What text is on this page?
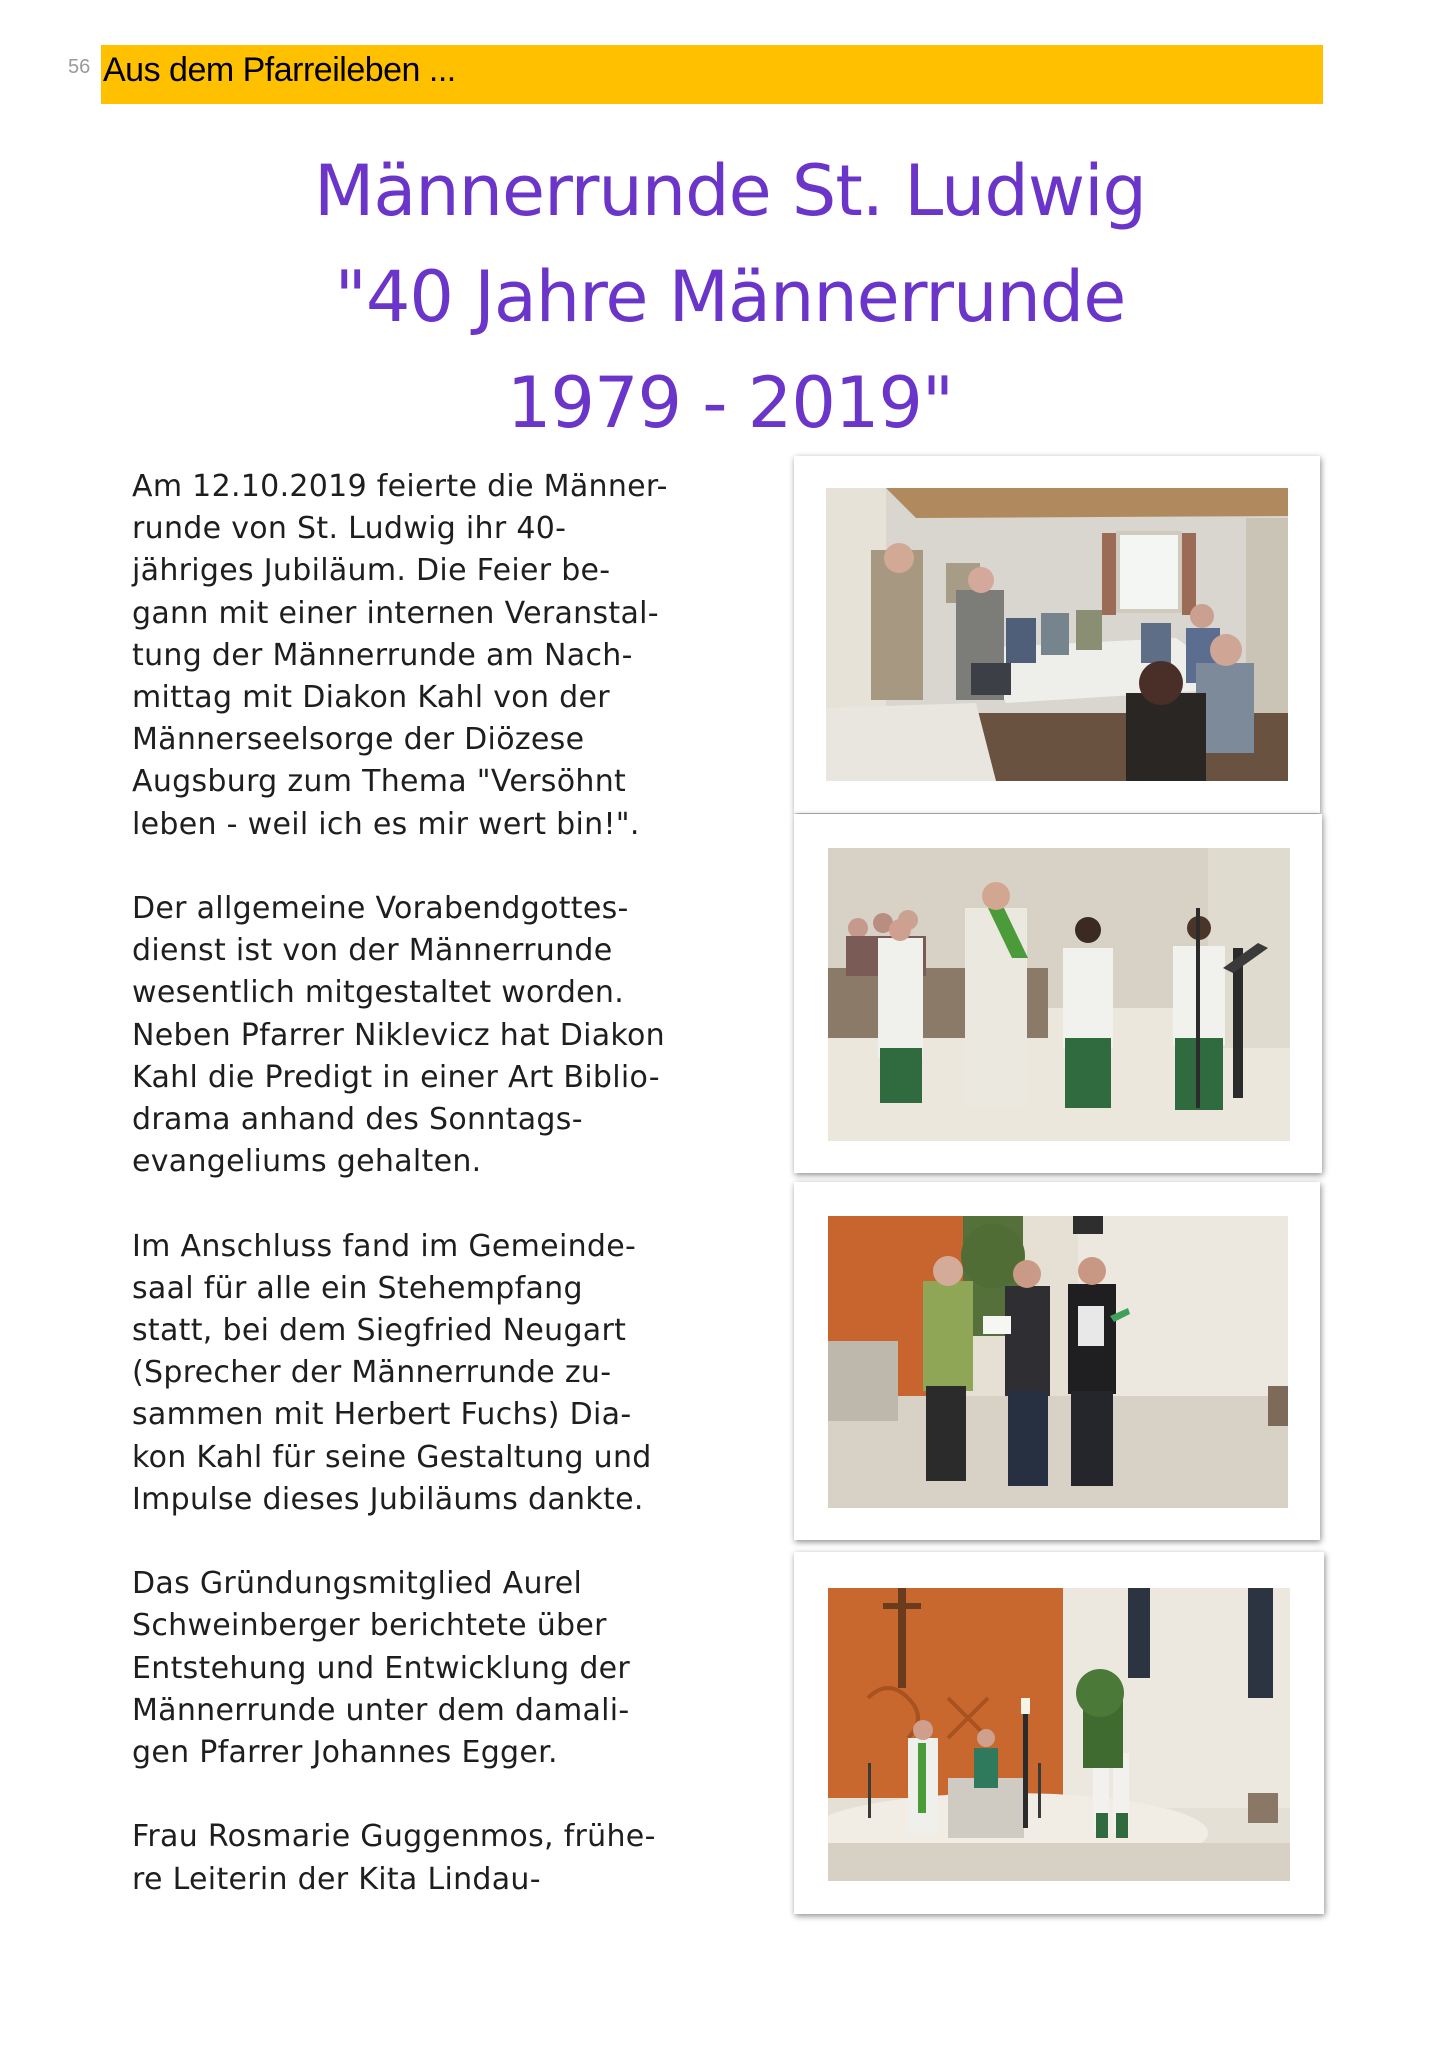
56 Aus dem Pfarreileben ...
Männerrunde St. Ludwig
"40 Jahre Männerrunde
1979 - 2019"
Am 12.10.2019 feierte die Männer-
runde von St. Ludwig ihr 40-
jähriges Jubiläum. Die Feier be-
gann mit einer internen Veranstal-
tung der Männerrunde am Nach-
mittag mit Diakon Kahl von der
Männerseelsorge der Diözese
Augsburg zum Thema "Versöhnt
leben - weil ich es mir wert bin!".
Der allgemeine Vorabendgottes-
dienst ist von der Männerrunde
wesentlich mitgestaltet worden.
Neben Pfarrer Niklevicz hat Diakon
Kahl die Predigt in einer Art Biblio-
drama anhand des Sonntags-
evangeliums gehalten.
Im Anschluss fand im Gemeinde-
saal für alle ein Stehempfang
statt, bei dem Siegfried Neugart
(Sprecher der Männerrunde zu-
sammen mit Herbert Fuchs) Dia-
kon Kahl für seine Gestaltung und
Impulse dieses Jubiläums dankte.
Das Gründungsmitglied Aurel
Schweinberger berichtete über
Entstehung und Entwicklung der
Männerrunde unter dem damali-
gen Pfarrer Johannes Egger.
Frau Rosmarie Guggenmos, frühe-
re Leiterin der Kita Lindau-
